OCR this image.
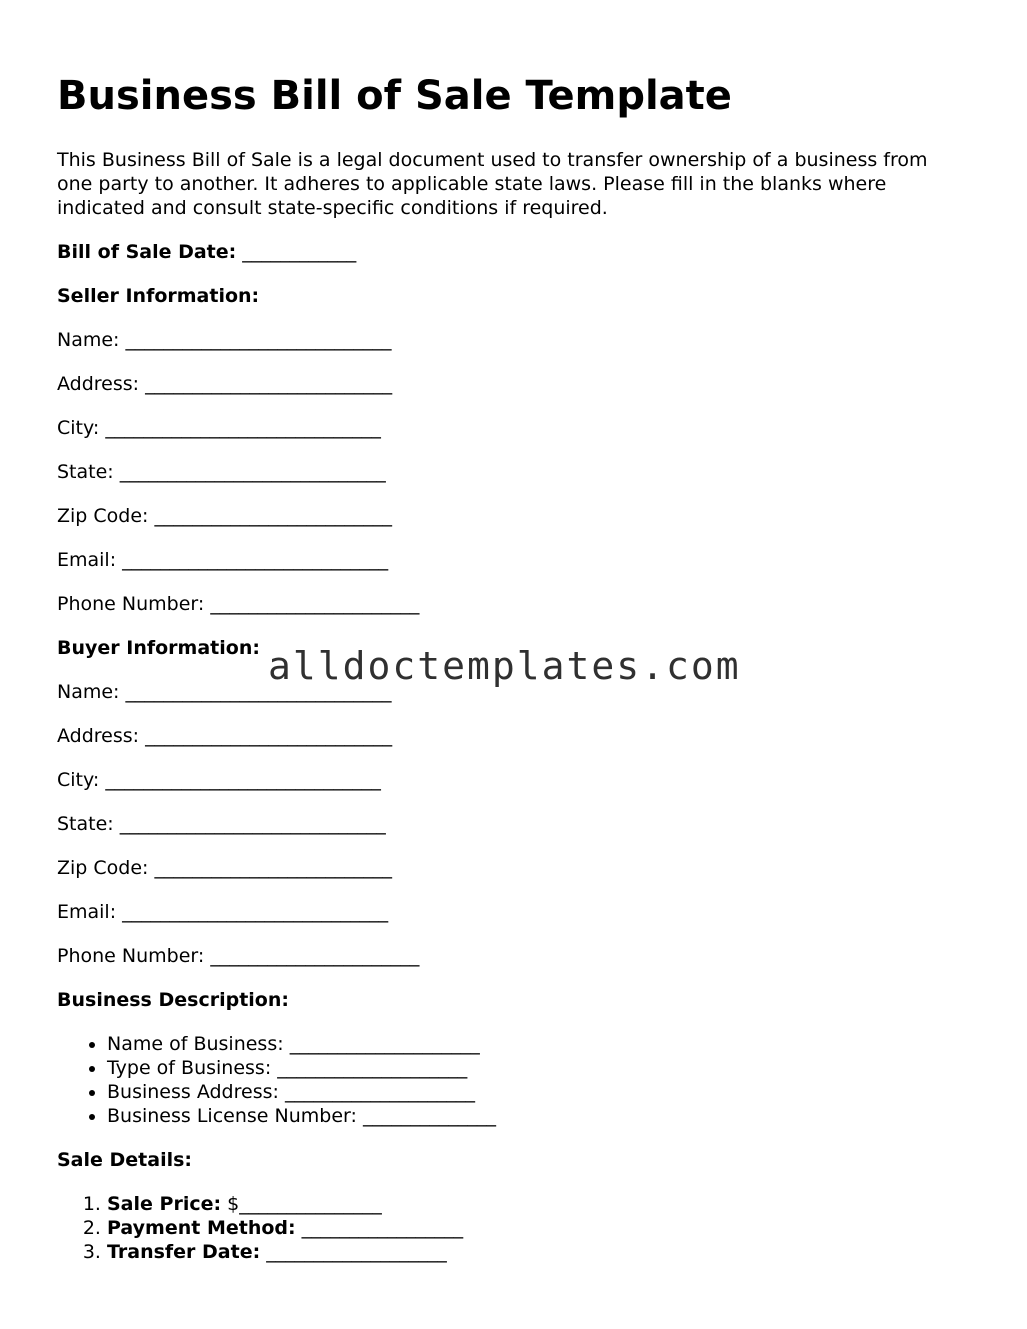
Business Bill of Sale Template

This Business Bill of Sale is a legal document used to transfer ownership of a business from one party to another. It adheres to applicable state laws. Please fill in the blanks where indicated and consult state-specific conditions if required.

Bill of Sale Date: ____________

Seller Information:

Name: ____________________________

Address: __________________________

City: _____________________________

State: ____________________________

Zip Code: _________________________

Email: ____________________________

Phone Number: ______________________

Buyer Information:

Name: ____________________________

Address: __________________________

City: _____________________________

State: ____________________________

Zip Code: _________________________

Email: ____________________________

Phone Number: ______________________

Business Description:

• Name of Business: ____________________
• Type of Business: ____________________
• Business Address: ____________________
• Business License Number: ______________

Sale Details:

1. Sale Price: $_______________
2. Payment Method: _________________
3. Transfer Date: ___________________
alldoctemplates.com
